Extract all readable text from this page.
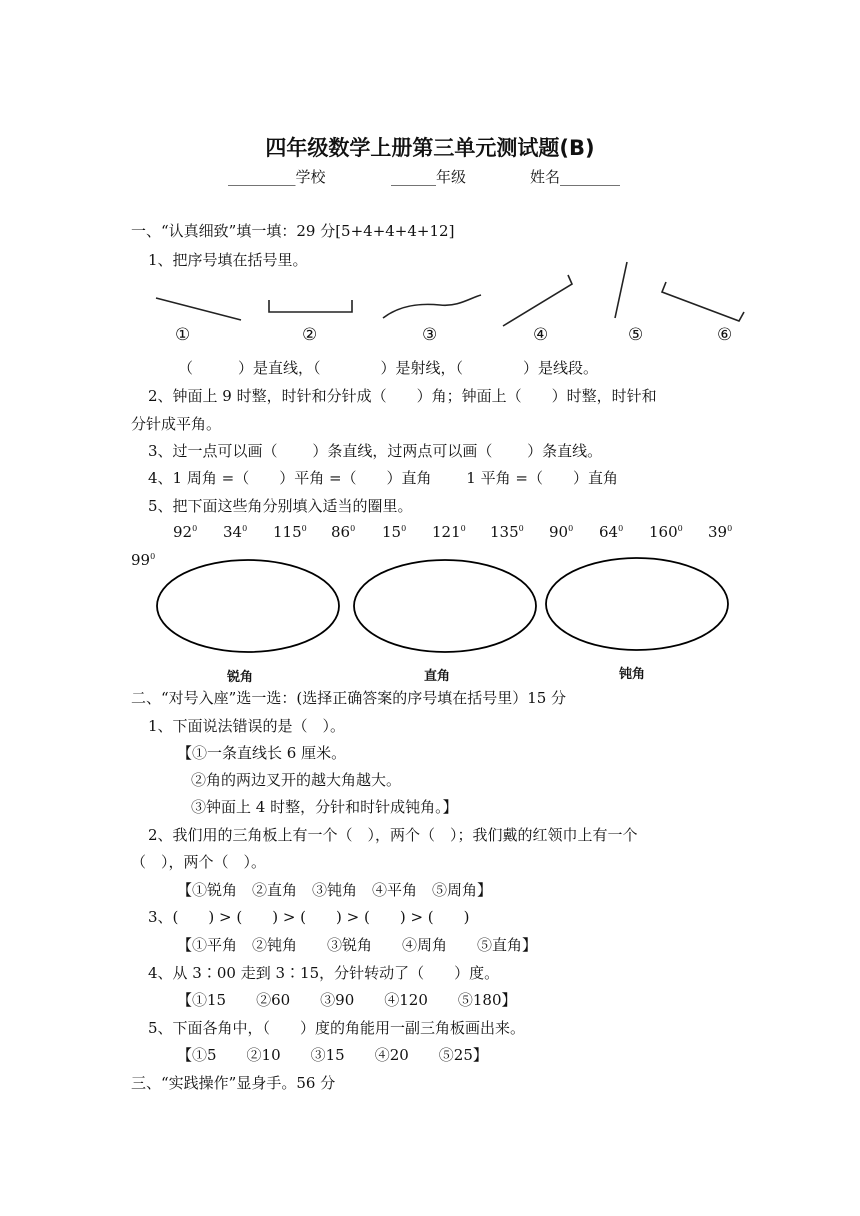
四年级数学上册第三单元测试题(B)
_________学校	______年级	姓名________
一、“认真细致”填一填：29 分[5+4+4+4+12]
1、把序号填在括号里。
①	②	③	④	⑤	⑥
（　　　）是直线，（　　　　）是射线，（　　　　）是线段。
2、钟面上 9 时整，时针和分针成（　　）角；钟面上（　　）时整，时针和
分针成平角。
3、过一点可以画（　　 ）条直线，过两点可以画（　　 ）条直线。
4、1 周角 =（　　）平角 =（　　）直角　　 1 平角 =（　　）直角
5、把下面这些角分别填入适当的圈里。
$92^0$ $34^0$ $115^0$ $86^0$ $15^0$ $121^0$ $135^0$ $90^0$ $64^0$ $160^0$ $39^0$
$99^0$
锐角	直角	钝角
二、“对号入座”选一选：(选择正确答案的序号填在括号里）15 分
1、下面说法错误的是（　）。
【①一条直线长 6 厘米。
②角的两边叉开的越大角越大。
③钟面上 4 时整，分针和时针成钝角。】
2、我们用的三角板上有一个（　），两个（　）；我们戴的红领巾上有一个
（　），两个（　）。
【①锐角　②直角　③钝角　④平角　⑤周角】
3、(　　) > (　　) > (　　) > (　　) > (　　)
【①平角　②钝角　　③锐角　　④周角　　⑤直角】
4、从 3∶00 走到 3∶15，分针转动了（　　）度。
【①15　　②60　　③90　　④120　　⑤180】
5、下面各角中，（　　）度的角能用一副三角板画出来。
【①5　　②10　　③15　　④20　　⑤25】
三、“实践操作”显身手。56 分
